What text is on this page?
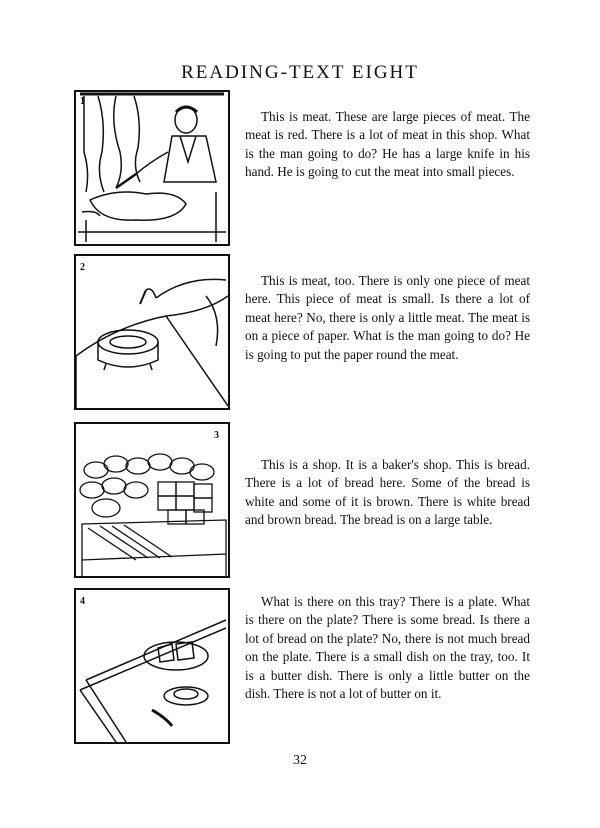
READING-TEXT EIGHT
1
This is meat. These are large pieces of meat. The meat is red. There is a lot of meat in this shop. What is the man going to do? He has a large knife in his hand. He is going to cut the meat into small pieces.
2
This is meat, too. There is only one piece of meat here. This piece of meat is small. Is there a lot of meat here? No, there is only a little meat. The meat is on a piece of paper. What is the man going to do? He is going to put the paper round the meat.
3
This is a shop. It is a baker's shop. This is bread. There is a lot of bread here. Some of the bread is white and some of it is brown. There is white bread and brown bread. The bread is on a large table.
4	What is there on this tray? There is a plate. What is there on the plate? There is some bread. Is there a lot of bread on the plate? No, there is not much bread on the plate. There is a small dish on the tray, too. It is a butter dish. There is only a little butter on the dish. There is not a lot of butter on it.
32
